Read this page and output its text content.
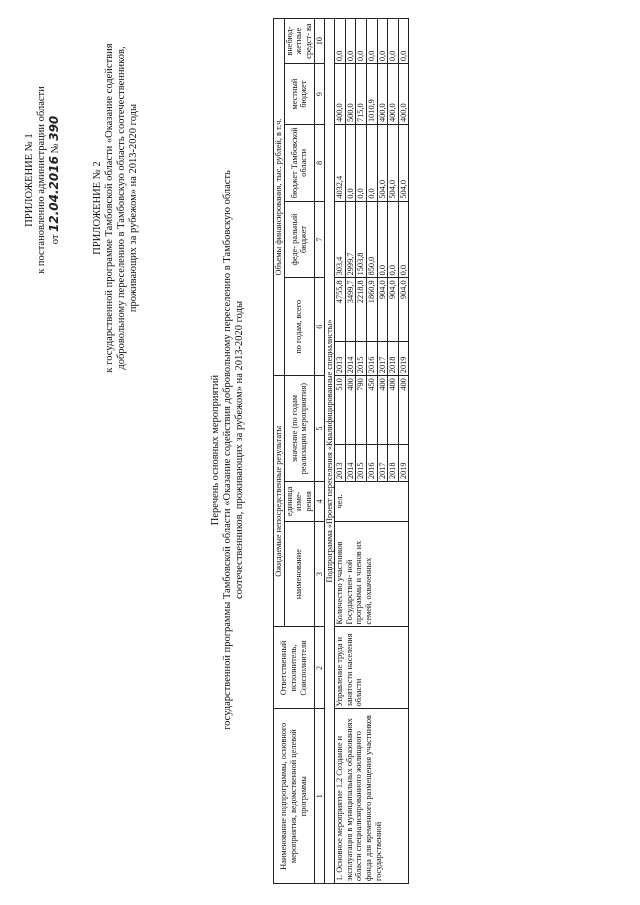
ПРИЛОЖЕНИЕ № 1 к постановлению администрации области от 12.04.2016 № 390
ПРИЛОЖЕНИЕ № 2 к государственной программе Тамбовской области «Оказание содействия добровольному переселению в Тамбовскую область соотечественников, проживающих за рубежом» на 2013-2020 годы
Перечень основных мероприятий государственной программы Тамбовской области «Оказание содействия добровольному переселению в Тамбовскую область соотечественников, проживающих за рубежом» на 2013-2020 годы
Наименование подпрограммы, основного мероприятия, ведомственной целевой программы	Ответственный исполнитель, Соисполнители	Ожидаемые непосредственные результаты				Объемы финансирования, тыс. рублей, в т.ч.					
		наименование	единица изме- рения	значение (по годам реализации мероприятия)		по годам, всего		феде- ральный бюджет	бюджет Тамбовской области	местный бюджет	внебюд- жетные средст- ва

1	2	3	4	5		6		7	8	9	10
Подпрограмма «Проект переселения «Квалифицированные специалисты»											
1. Основное мероприятие 1.2 Создание и эксплуатация в муниципальных образованиях области специализированного жилищного фонда для временного размещения участников государственной	Управление труда и занятости населения области	Количество участников Государствен- ной программы и членов их семей, охваченных	чел.	2013	510	2013	4755,8	303,4	4032,4	400,0	0,0
				2014	400	2014	3499,7	2999,7	0,0	500,0	0,0
				2015	790	2015	2218,8	1503,8	0,0	715,0	0,0
				2016	450	2016	1860,9	850,0	0,0	1010,9	0,0
				2017	400	2017	904,0	0,0	504,0	400,0	0,0
				2018	400	2018	904,0	0,0	504,0	400,0	0,0
				2019	400	2019	904,0	0,0	504,0	400,0	0,0
